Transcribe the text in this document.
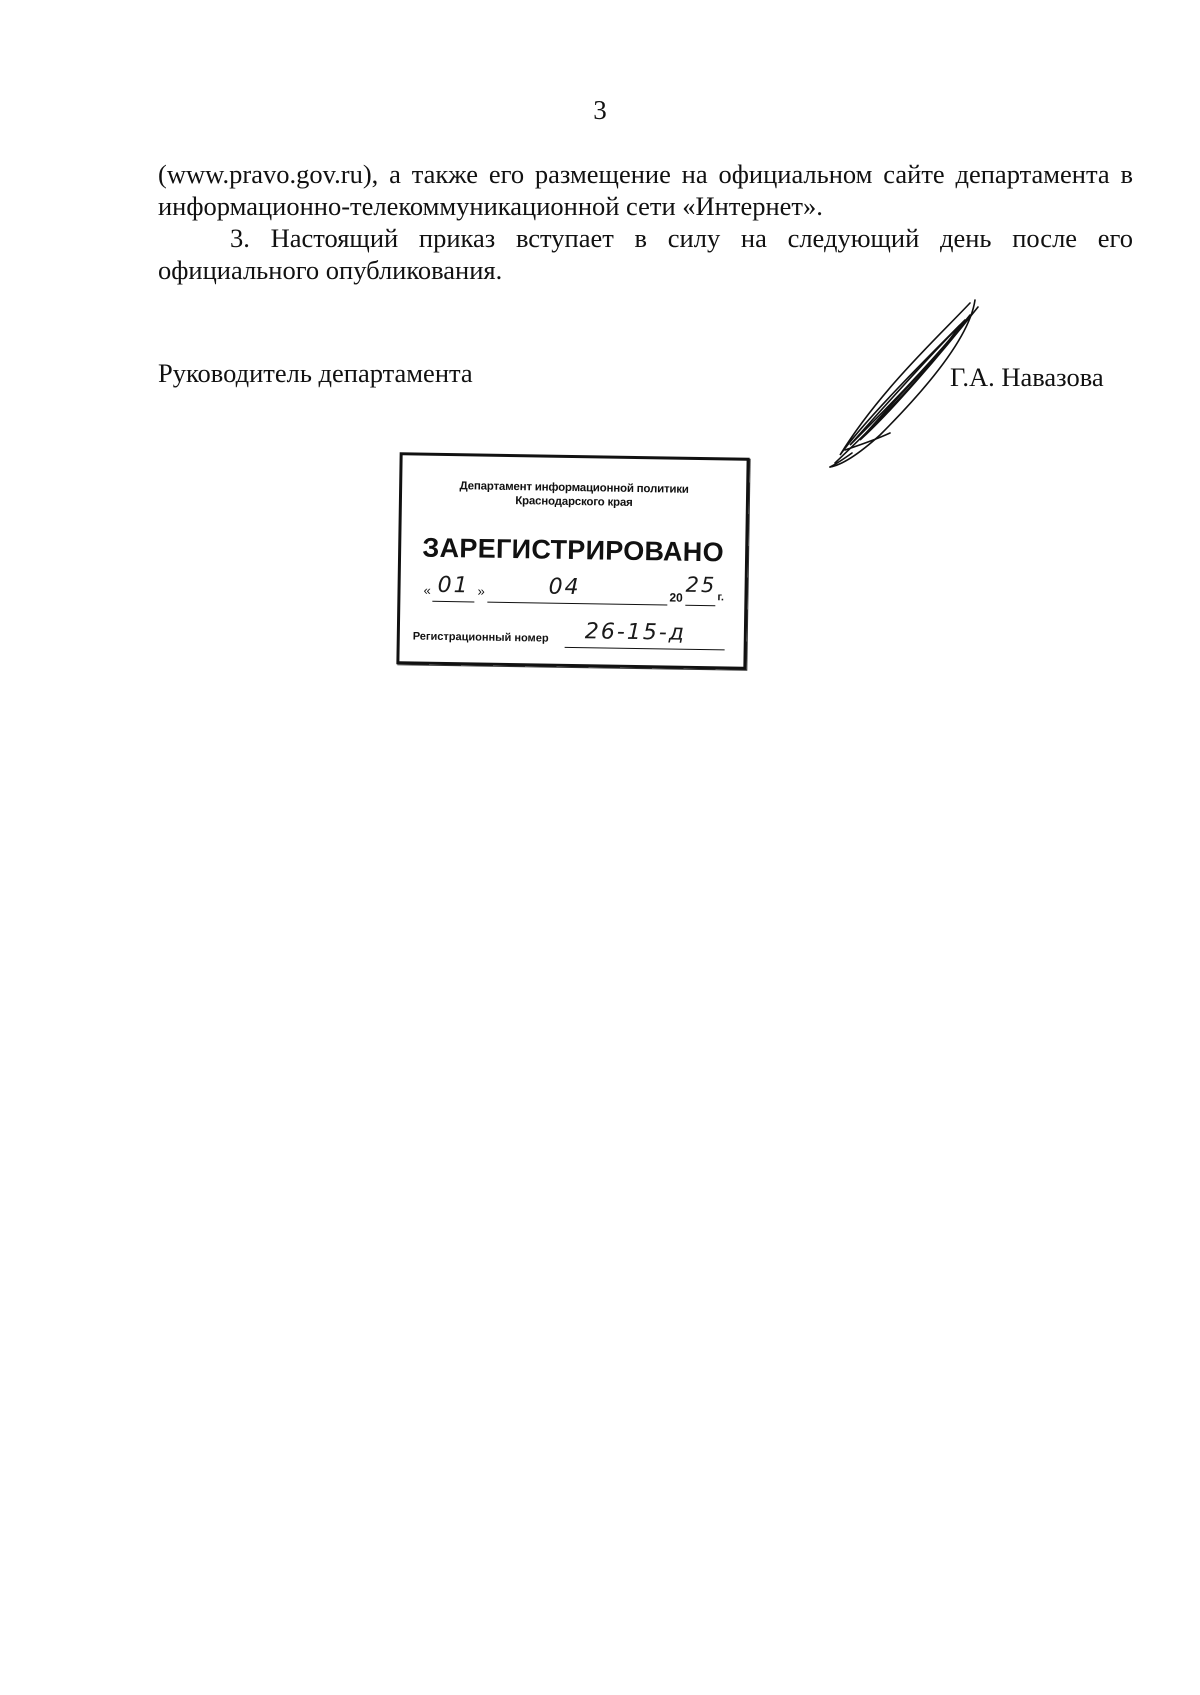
3

(www.pravo.gov.ru), а также его размещение на официальном сайте департамента в информационно-телекоммуникационной сети «Интернет».

3. Настоящий приказ вступает в силу на следующий день после его официального опубликования.

Руководитель департамента	Г.А. Навазова
Департамент информационной политики
Краснодарского края
ЗАРЕГИСТРИРОВАНО
« 01 »	04	20
25
г.
Регистрационный номер 26-15-д
